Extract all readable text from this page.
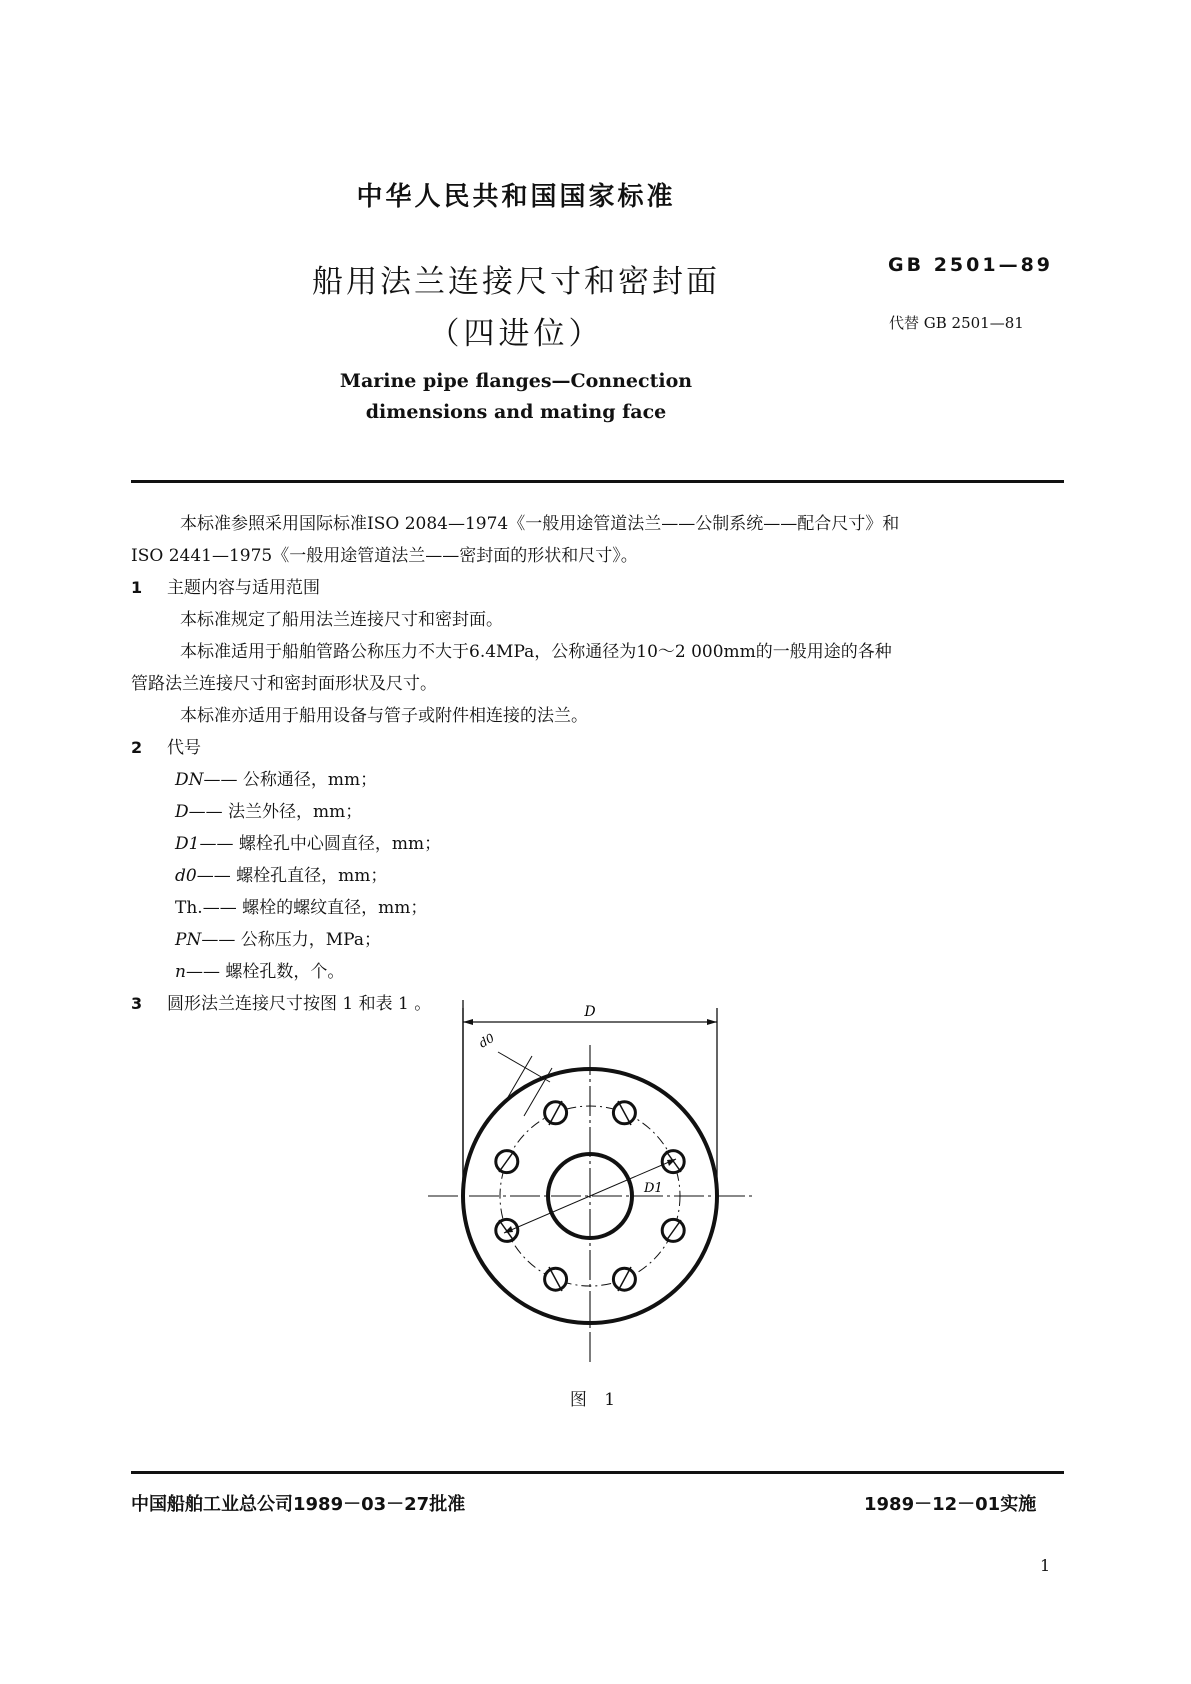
中华人民共和国国家标准
船用法兰连接尺寸和密封面
（四进位）
GB 2501—89
代替 GB 2501—81
Marine pipe flanges—Connection
dimensions and mating face
本标准参照采用国际标准ISO 2084—1974《一般用途管道法兰——公制系统——配合尺寸》和
ISO 2441—1975《一般用途管道法兰——密封面的形状和尺寸》。
1 主题内容与适用范围
本标准规定了船用法兰连接尺寸和密封面。
本标准适用于船舶管路公称压力不大于6.4MPa，公称通径为10～2 000mm的一般用途的各种
管路法兰连接尺寸和密封面形状及尺寸。
本标准亦适用于船用设备与管子或附件相连接的法兰。
2 代号
DN—— 公称通径，mm；
D—— 法兰外径，mm；
D1—— 螺栓孔中心圆直径，mm；
d0—— 螺栓孔直径，mm；
Th.—— 螺栓的螺纹直径，mm；
PN—— 公称压力，MPa；
n—— 螺栓孔数，个。
3 圆形法兰连接尺寸按图 1 和表 1 。	D
d0
D1
图 1
中国船舶工业总公司1989－03－27批准	1989－12－01实施
1
